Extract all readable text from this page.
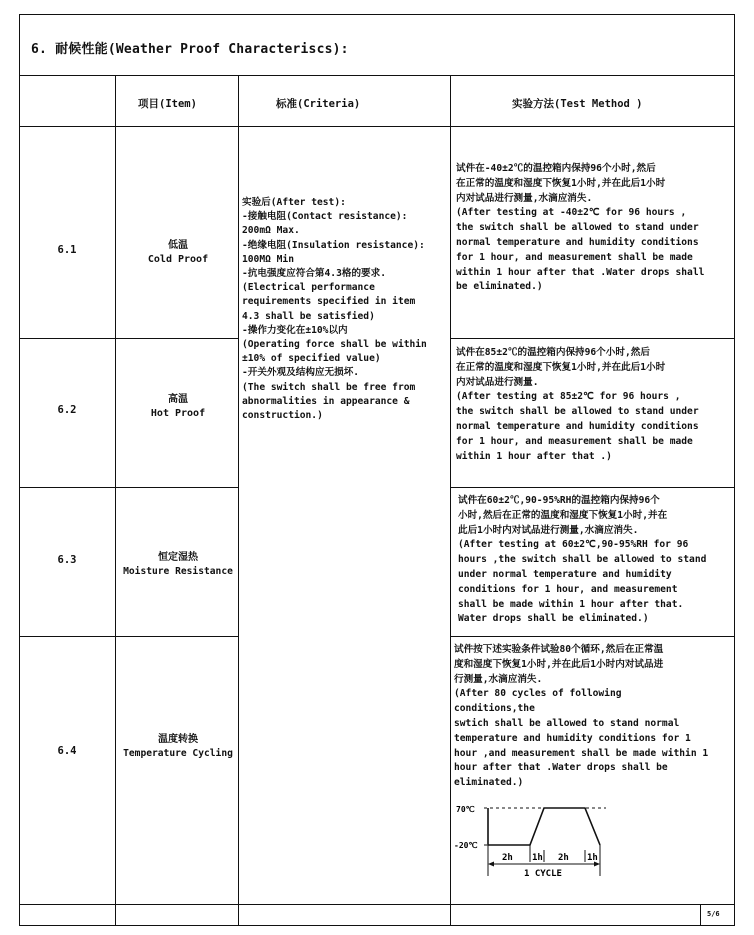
6. 耐候性能(Weather Proof Characteriscs):
项目(Item)	标准(Criteria)	实验方法(Test Method )
6.1
6.2
6.3
6.4
低温
Cold Proof
高温
Hot Proof
恒定湿热
Moisture Resistance
温度转换
Temperature Cycling
实验后(After test):
-接触电阻(Contact resistance):
200mΩ Max.
-绝缘电阻(Insulation resistance):
100MΩ Min
-抗电强度应符合第4.3格的要求.
(Electrical performance
requirements specified in item
4.3 shall be satisfied)
-操作力变化在±10%以内
(Operating force shall be within
±10% of specified value)
-开关外观及结构应无损坏.
(The switch shall be free from
abnormalities in appearance &
construction.)
试件在-40±2℃的温控箱内保持96个小时,然后
在正常的温度和湿度下恢复1小时,并在此后1小时
内对试品进行测量,水滴应消失.
(After testing at -40±2℃ for 96 hours ,
the switch shall be allowed to stand under
normal temperature and humidity conditions
for 1 hour, and measurement shall be made
within 1 hour after that .Water drops shall
be eliminated.)
试件在85±2℃的温控箱内保持96个小时,然后
在正常的温度和湿度下恢复1小时,并在此后1小时
内对试品进行测量.
(After testing at 85±2℃ for 96 hours ,
the switch shall be allowed to stand under
normal temperature and humidity conditions
for 1 hour, and measurement shall be made
within 1 hour after that .)
试件在60±2℃,90-95%RH的温控箱内保持96个
小时,然后在正常的温度和湿度下恢复1小时,并在
此后1小时内对试品进行测量,水滴应消失.
(After testing at 60±2℃,90-95%RH for 96
hours ,the switch shall be allowed to stand
under normal temperature and humidity
conditions for 1 hour, and measurement
shall be made within 1 hour after that.
Water drops shall be eliminated.)
试件按下述实验条件试验80个循环,然后在正常温
度和湿度下恢复1小时,并在此后1小时内对试品进
行测量,水滴应消失.
(After 80 cycles of following
conditions,the
swtich shall be allowed to stand normal
temperature and humidity conditions for 1
hour ,and measurement shall be made within 1
hour after that .Water drops shall be
eliminated.)
70℃
-20℃
2h 1h 2h 1h
1 CYCLE
5/6
